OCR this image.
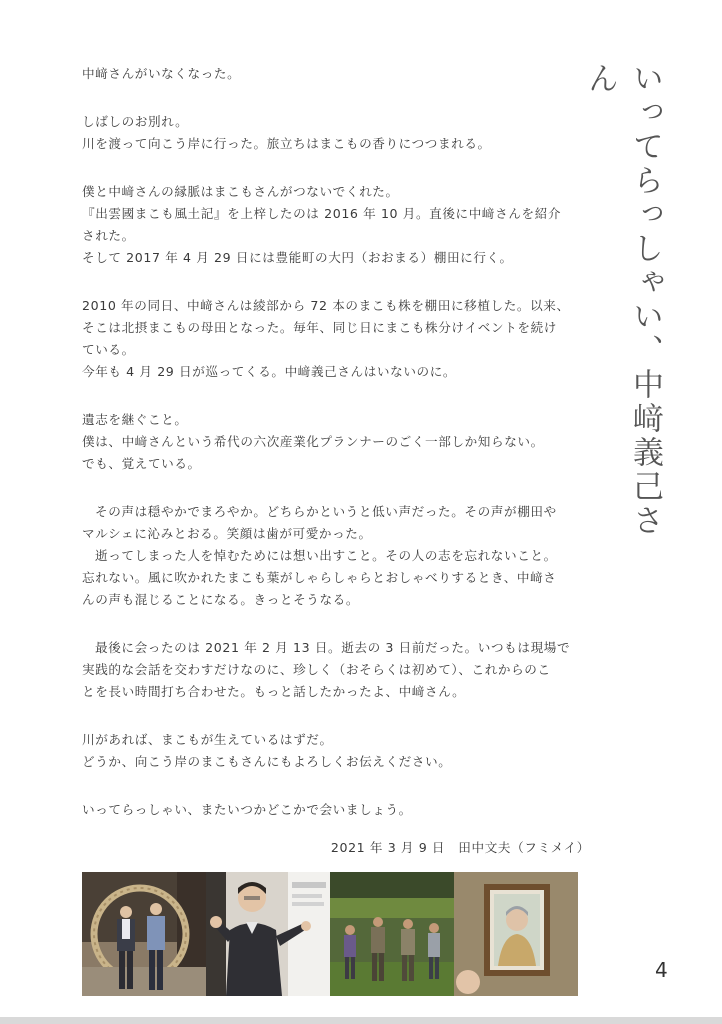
中﨑さんがいなくなった。
しばしのお別れ。
川を渡って向こう岸に行った。旅立ちはまこもの香りにつつまれる。
僕と中﨑さんの縁脈はまこもさんがつないでくれた。
『出雲國まこも風土記』を上梓したのは 2016 年 10 月。直後に中﨑さんを紹介
された。
そして 2017 年 4 月 29 日には豊能町の大円（おおまる）棚田に行く。
2010 年の同日、中﨑さんは綾部から 72 本のまこも株を棚田に移植した。以来、
そこは北摂まこもの母田となった。毎年、同じ日にまこも株分けイベントを続け
ている。
今年も 4 月 29 日が巡ってくる。中﨑義己さんはいないのに。
遺志を継ぐこと。
僕は、中﨑さんという希代の六次産業化プランナーのごく一部しか知らない。
でも、覚えている。
その声は穏やかでまろやか。どちらかというと低い声だった。その声が棚田や
マルシェに沁みとおる。笑顔は歯が可愛かった。
逝ってしまった人を悼むためには想い出すこと。その人の志を忘れないこと。
忘れない。風に吹かれたまこも葉がしゃらしゃらとおしゃべりするとき、中﨑さ
んの声も混じることになる。きっとそうなる。
最後に会ったのは 2021 年 2 月 13 日。逝去の 3 日前だった。いつもは現場で
実践的な会話を交わすだけなのに、珍しく（おそらくは初めて）、これからのこ
とを長い時間打ち合わせた。もっと話したかったよ、中﨑さん。
川があれば、まこもが生えているはずだ。
どうか、向こう岸のまこもさんにもよろしくお伝えください。
いってらっしゃい、またいつかどこかで会いましょう。
2021 年 3 月 9 日　田中文夫（フミメイ）
いってらっしゃい、中﨑義己さん
4
